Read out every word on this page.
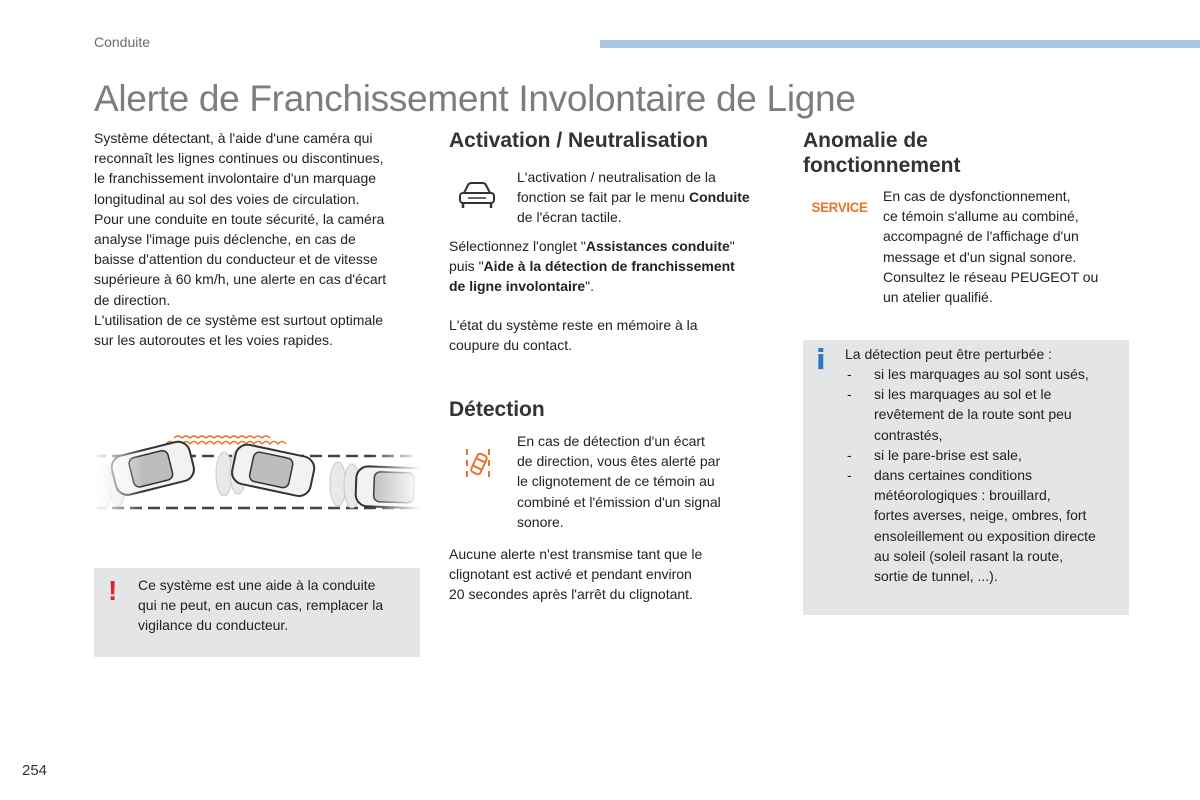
Conduite
Alerte de Franchissement Involontaire de Ligne
Système détectant, à l'aide d'une caméra qui
reconnaît les lignes continues ou discontinues,
le franchissement involontaire d'un marquage
longitudinal au sol des voies de circulation.
Pour une conduite en toute sécurité, la caméra
analyse l'image puis déclenche, en cas de
baisse d'attention du conducteur et de vitesse
supérieure à 60 km/h, une alerte en cas d'écart
de direction.
L'utilisation de ce système est surtout optimale
sur les autoroutes et les voies rapides.
! Ce système est une aide à la conduite
qui ne peut, en aucun cas, remplacer la
vigilance du conducteur.
Activation / Neutralisation
L'activation / neutralisation de la
fonction se fait par le menu Conduite
de l'écran tactile.
Sélectionnez l'onglet "Assistances conduite"
puis "Aide à la détection de franchissement
de ligne involontaire".
L'état du système reste en mémoire à la
coupure du contact.
Détection
En cas de détection d'un écart
de direction, vous êtes alerté par
le clignotement de ce témoin au
combiné et l'émission d'un signal
sonore.
Aucune alerte n'est transmise tant que le
clignotant est activé et pendant environ
20 secondes après l'arrêt du clignotant.
Anomalie de
fonctionnement
SERVICE
En cas de dysfonctionnement,
ce témoin s'allume au combiné,
accompagné de l'affichage d'un
message et d'un signal sonore.
Consultez le réseau PEUGEOT ou
un atelier qualifié.
i La détection peut être perturbée :
- si les marquages au sol sont usés,
- si les marquages au sol et le
revêtement de la route sont peu
contrastés,
- si le pare-brise est sale,
- dans certaines conditions
météorologiques : brouillard,
fortes averses, neige, ombres, fort
ensoleillement ou exposition directe
au soleil (soleil rasant la route,
sortie de tunnel, ...).
254
